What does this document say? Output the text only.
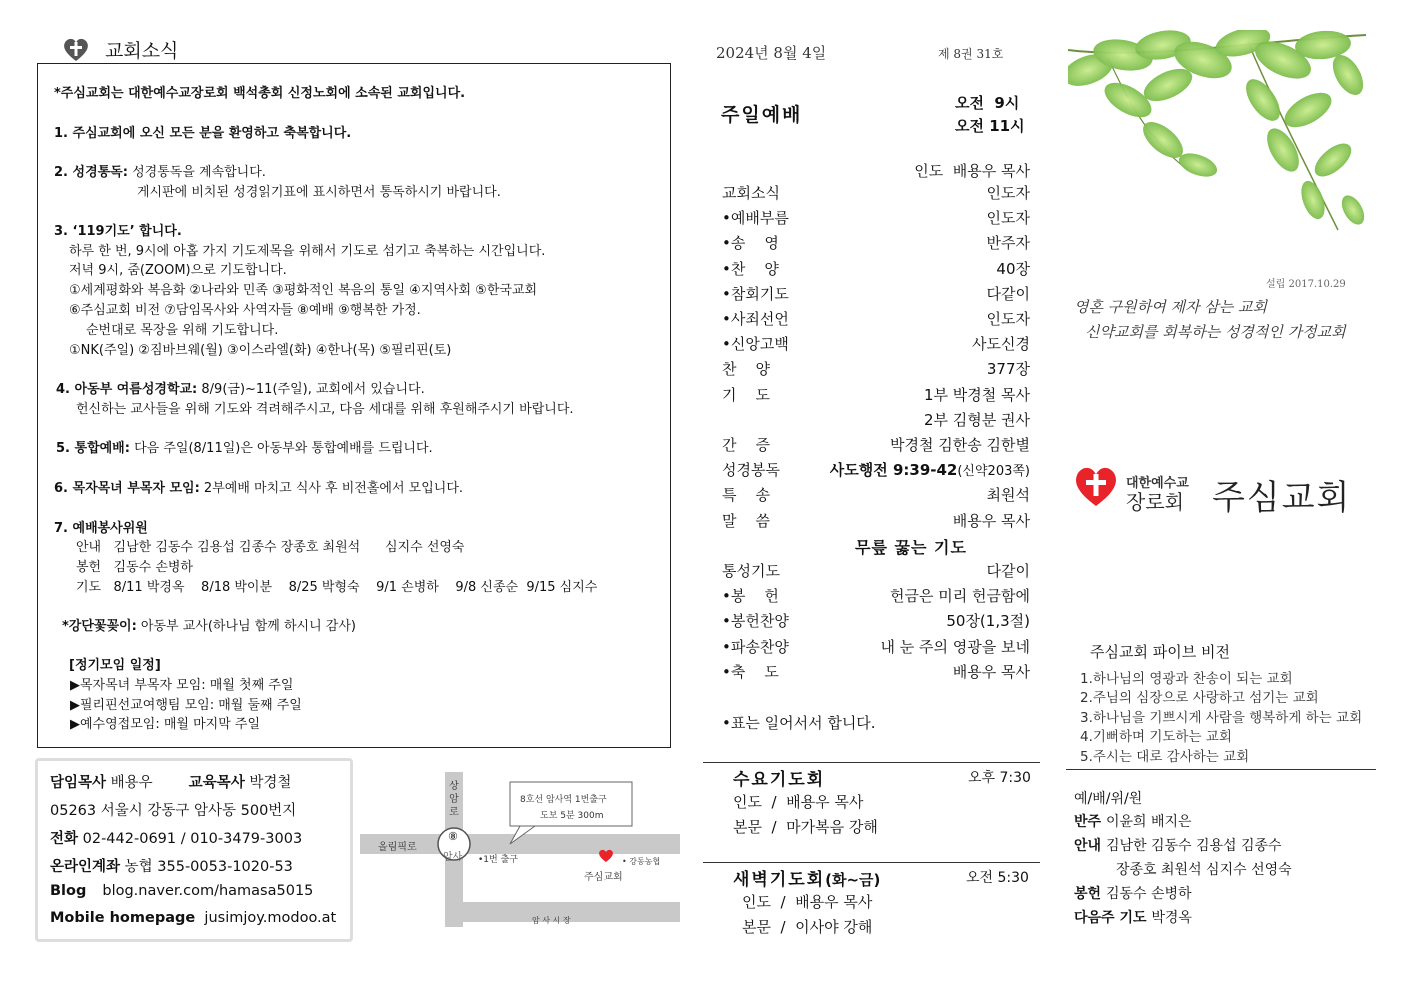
교회소식
*주심교회는 대한예수교장로회 백석총회 신정노회에 소속된 교회입니다.
1. 주심교회에 오신 모든 분을 환영하고 축복합니다.
2. 성경통독: 성경통독을 계속합니다.
게시판에 비치된 성경읽기표에 표시하면서 통독하시기 바랍니다.
3. ‘119기도’ 합니다.
하루 한 번, 9시에 아홉 가지 기도제목을 위해서 기도로 섬기고 축복하는 시간입니다.
저녁 9시, 줌(ZOOM)으로 기도합니다.
①세계평화와 복음화 ②나라와 민족 ③평화적인 복음의 통일 ④지역사회 ⑤한국교회
⑥주심교회 비전 ⑦담임목사와 사역자들 ⑧예배 ⑨행복한 가정.
순번대로 목장을 위해 기도합니다.
①NK(주일) ②짐바브웨(월) ③이스라엘(화) ④한나(목) ⑤필리핀(토)
4. 아동부 여름성경학교: 8/9(금)~11(주일), 교회에서 있습니다.
헌신하는 교사들을 위해 기도와 격려해주시고, 다음 세대를 위해 후원해주시기 바랍니다.
5. 통합예배: 다음 주일(8/11일)은 아동부와 통합예배를 드립니다.
6. 목자목녀 부목자 모임: 2부예배 마치고 식사 후 비전홀에서 모입니다.
7. 예배봉사위원
안내   김남한 김동수 김용섭 김종수 장종호 최원석      심지수 선영숙
봉헌   김동수 손병하
기도   8/11 박경옥    8/18 박이분    8/25 박형숙    9/1 손병하    9/8 신종순  9/15 심지수
*강단꽃꽂이: 아동부 교사(하나님 함께 하시니 감사)
[정기모임 일정]
▶목자목녀 부목자 모임: 매월 첫째 주일
▶필리핀선교여행팀 모임: 매월 둘째 주일
▶예수영접모임: 매월 마지막 주일
담임목사 배용우 교육목사 박경철
05263 서울시 강동구 암사동 500번지
전화 02-442-0691 / 010-3479-3003
온라인계좌 농협 355-0053-1020-53
Blog blog.naver.com/hamasa5015
Mobile homepage jusimjoy.modoo.at
상암로
올림픽로
⑧
암사 •1번 출구
8호선 암사역 1번출구
도보 5분 300m
• 강동농협
주심교회
암 사 시 장
2024년 8월 4일	제 8권 31호
주일예배
오전  9시
오전 11시
인도  배용우 목사
교회소식	인도자
•예배부름	인도자
•송    영	반주자
•찬    양	40장
•참회기도	다같이
•사죄선언	인도자
•신앙고백	사도신경
찬    양	377장
기    도	1부 박경철 목사
2부 김형분 권사
간    증	박경철 김한송 김한별
성경봉독	사도행전 9:39-42(신약203쪽)
특    송	최원석
말    씀	배용우 목사
무릎 꿇는 기도
통성기도	다같이
•봉    헌	헌금은 미리 헌금함에
•봉헌찬양	50장(1,3절)
•파송찬양	내 눈 주의 영광을 보네
•축    도	배용우 목사
•표는 일어서서 합니다.
수요기도회	오후 7:30
인도  /  배용우 목사
본문  /  마가복음 강해
새벽기도회(화~금)	오전 5:30
인도  /  배용우 목사
본문  /  이사야 강해
설립 2017.10.29
영혼 구원하여 제자 삼는 교회
신약교회를 회복하는 성경적인 가정교회
대한예수교
장로회 주심교회
주심교회 파이브 비전
1.하나님의 영광과 찬송이 되는 교회
2.주님의 심장으로 사랑하고 섬기는 교회
3.하나님을 기쁘시게 사람을 행복하게 하는 교회
4.기뻐하며 기도하는 교회
5.주시는 대로 감사하는 교회
예/배/위/원
반주 이윤희 배지은
안내 김남한 김동수 김용섭 김종수
장종호 최원석 심지수 선영숙
봉헌 김동수 손병하
다음주 기도 박경옥
